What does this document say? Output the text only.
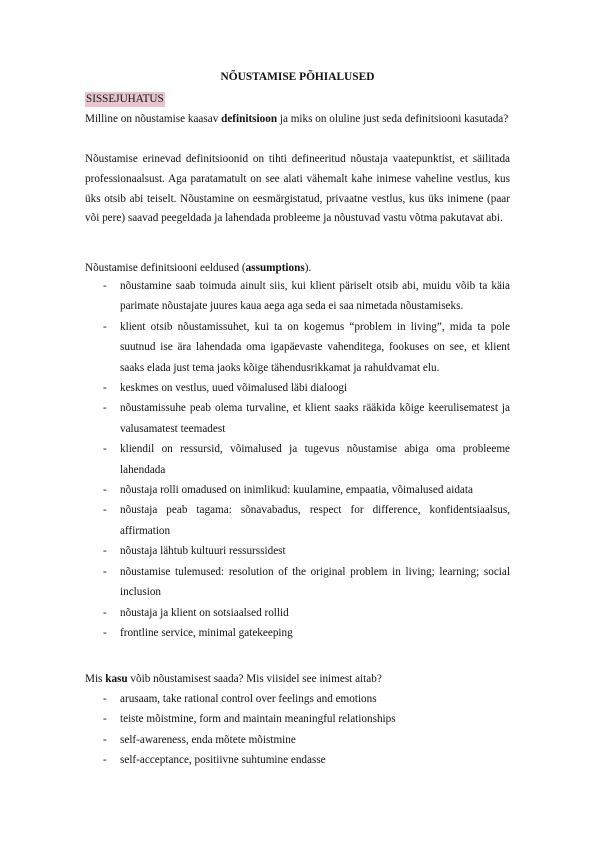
NÕUSTAMISE PÕHIALUSED
SISSEJUHATUS

Milline on nõustamise kaasav definitsioon ja miks on oluline just seda definitsiooni kasutada?

Nõustamise erinevad definitsioonid on tihti defineeritud nõustaja vaatepunktist, et säilitada professionaalsust. Aga paratamatult on see alati vähemalt kahe inimese vaheline vestlus, kus üks otsib abi teiselt. Nõustamine on eesmärgistatud, privaatne vestlus, kus üks inimene (paar või pere) saavad peegeldada ja lahendada probleeme ja nõustuvad vastu võtma pakutavat abi.

Nõustamise definitsiooni eeldused (assumptions).
- nõustamine saab toimuda ainult siis, kui klient päriselt otsib abi, muidu võib ta käia parimate nõustajate juures kaua aega aga seda ei saa nimetada nõustamiseks.
- klient otsib nõustamissuhet, kui ta on kogemus “problem in living”, mida ta pole suutnud ise ära lahendada oma igapäevaste vahenditega, fookuses on see, et klient saaks elada just tema jaoks kõige tähendusrikkamat ja rahuldvamat elu.
- keskmes on vestlus, uued võimalused läbi dialoogi
- nõustamissuhe peab olema turvaline, et klient saaks rääkida kõige keerulisematest ja valusamatest teemadest
- kliendil on ressursid, võimalused ja tugevus nõustamise abiga oma probleeme lahendada
- nõustaja rolli omadused on inimlikud: kuulamine, empaatia, võimalused aidata
- nõustaja peab tagama: sõnavabadus, respect for difference, konfidentsiaalsus, affirmation
- nõustaja lähtub kultuuri ressurssidest
- nõustamise tulemused: resolution of the original problem in living; learning; social inclusion
- nõustaja ja klient on sotsiaalsed rollid
- frontline service, minimal gatekeeping
Mis kasu võib nõustamisest saada? Mis viisidel see inimest aitab?
- arusaam, take rational control over feelings and emotions
- teiste mõistmine, form and maintain meaningful relationships
- self-awareness, enda mõtete mõistmine
- self-acceptance, positiivne suhtumine endasse
